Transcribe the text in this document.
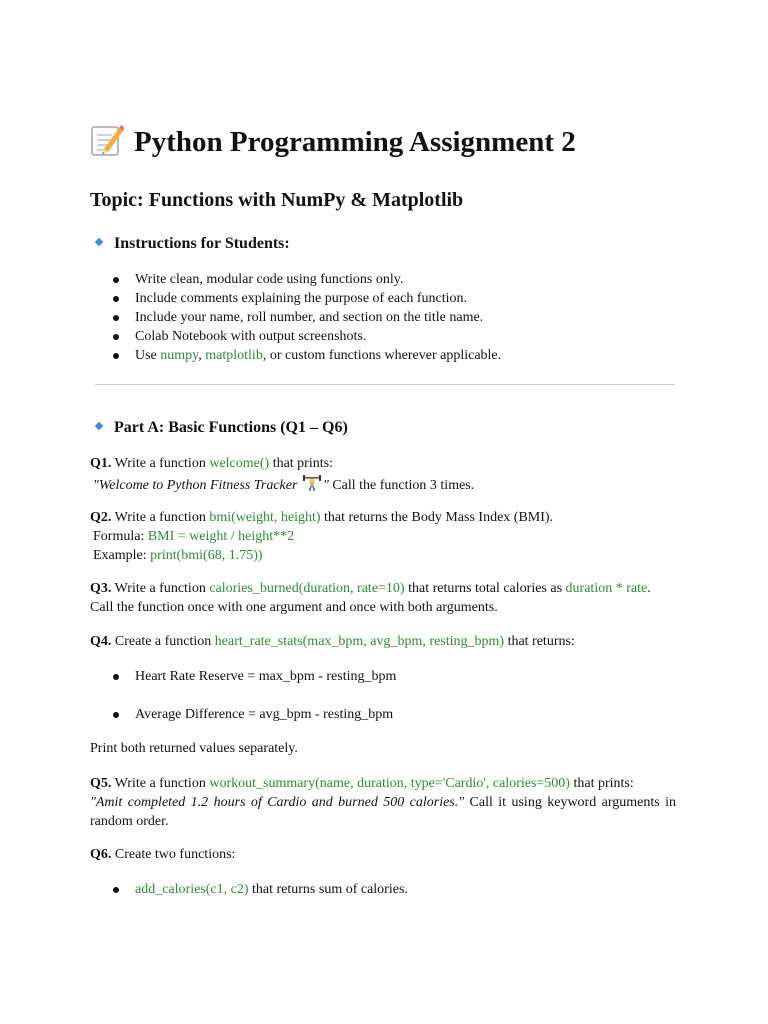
Python Programming Assignment 2
Topic: Functions with NumPy & Matplotlib
Instructions for Students:
Write clean, modular code using functions only.
Include comments explaining the purpose of each function.
Include your name, roll number, and section on the title name.
Colab Notebook with output screenshots.
Use numpy, matplotlib, or custom functions wherever applicable.
Part A: Basic Functions (Q1 – Q6)
Q1. Write a function welcome() that prints:
"Welcome to Python Fitness Tracker " Call the function 3 times.
Q2. Write a function bmi(weight, height) that returns the Body Mass Index (BMI).
Formula: BMI = weight / height**2
Example: print(bmi(68, 1.75))
Q3. Write a function calories_burned(duration, rate=10) that returns total calories as duration * rate.
Call the function once with one argument and once with both arguments.
Q4. Create a function heart_rate_stats(max_bpm, avg_bpm, resting_bpm) that returns:
Heart Rate Reserve = max_bpm - resting_bpm
Average Difference = avg_bpm - resting_bpm
Print both returned values separately.
Q5. Write a function workout_summary(name, duration, type='Cardio', calories=500) that prints:
"Amit completed 1.2 hours of Cardio and burned 500 calories." Call it using keyword arguments in random order.
Q6. Create two functions:
add_calories(c1, c2) that returns sum of calories.
